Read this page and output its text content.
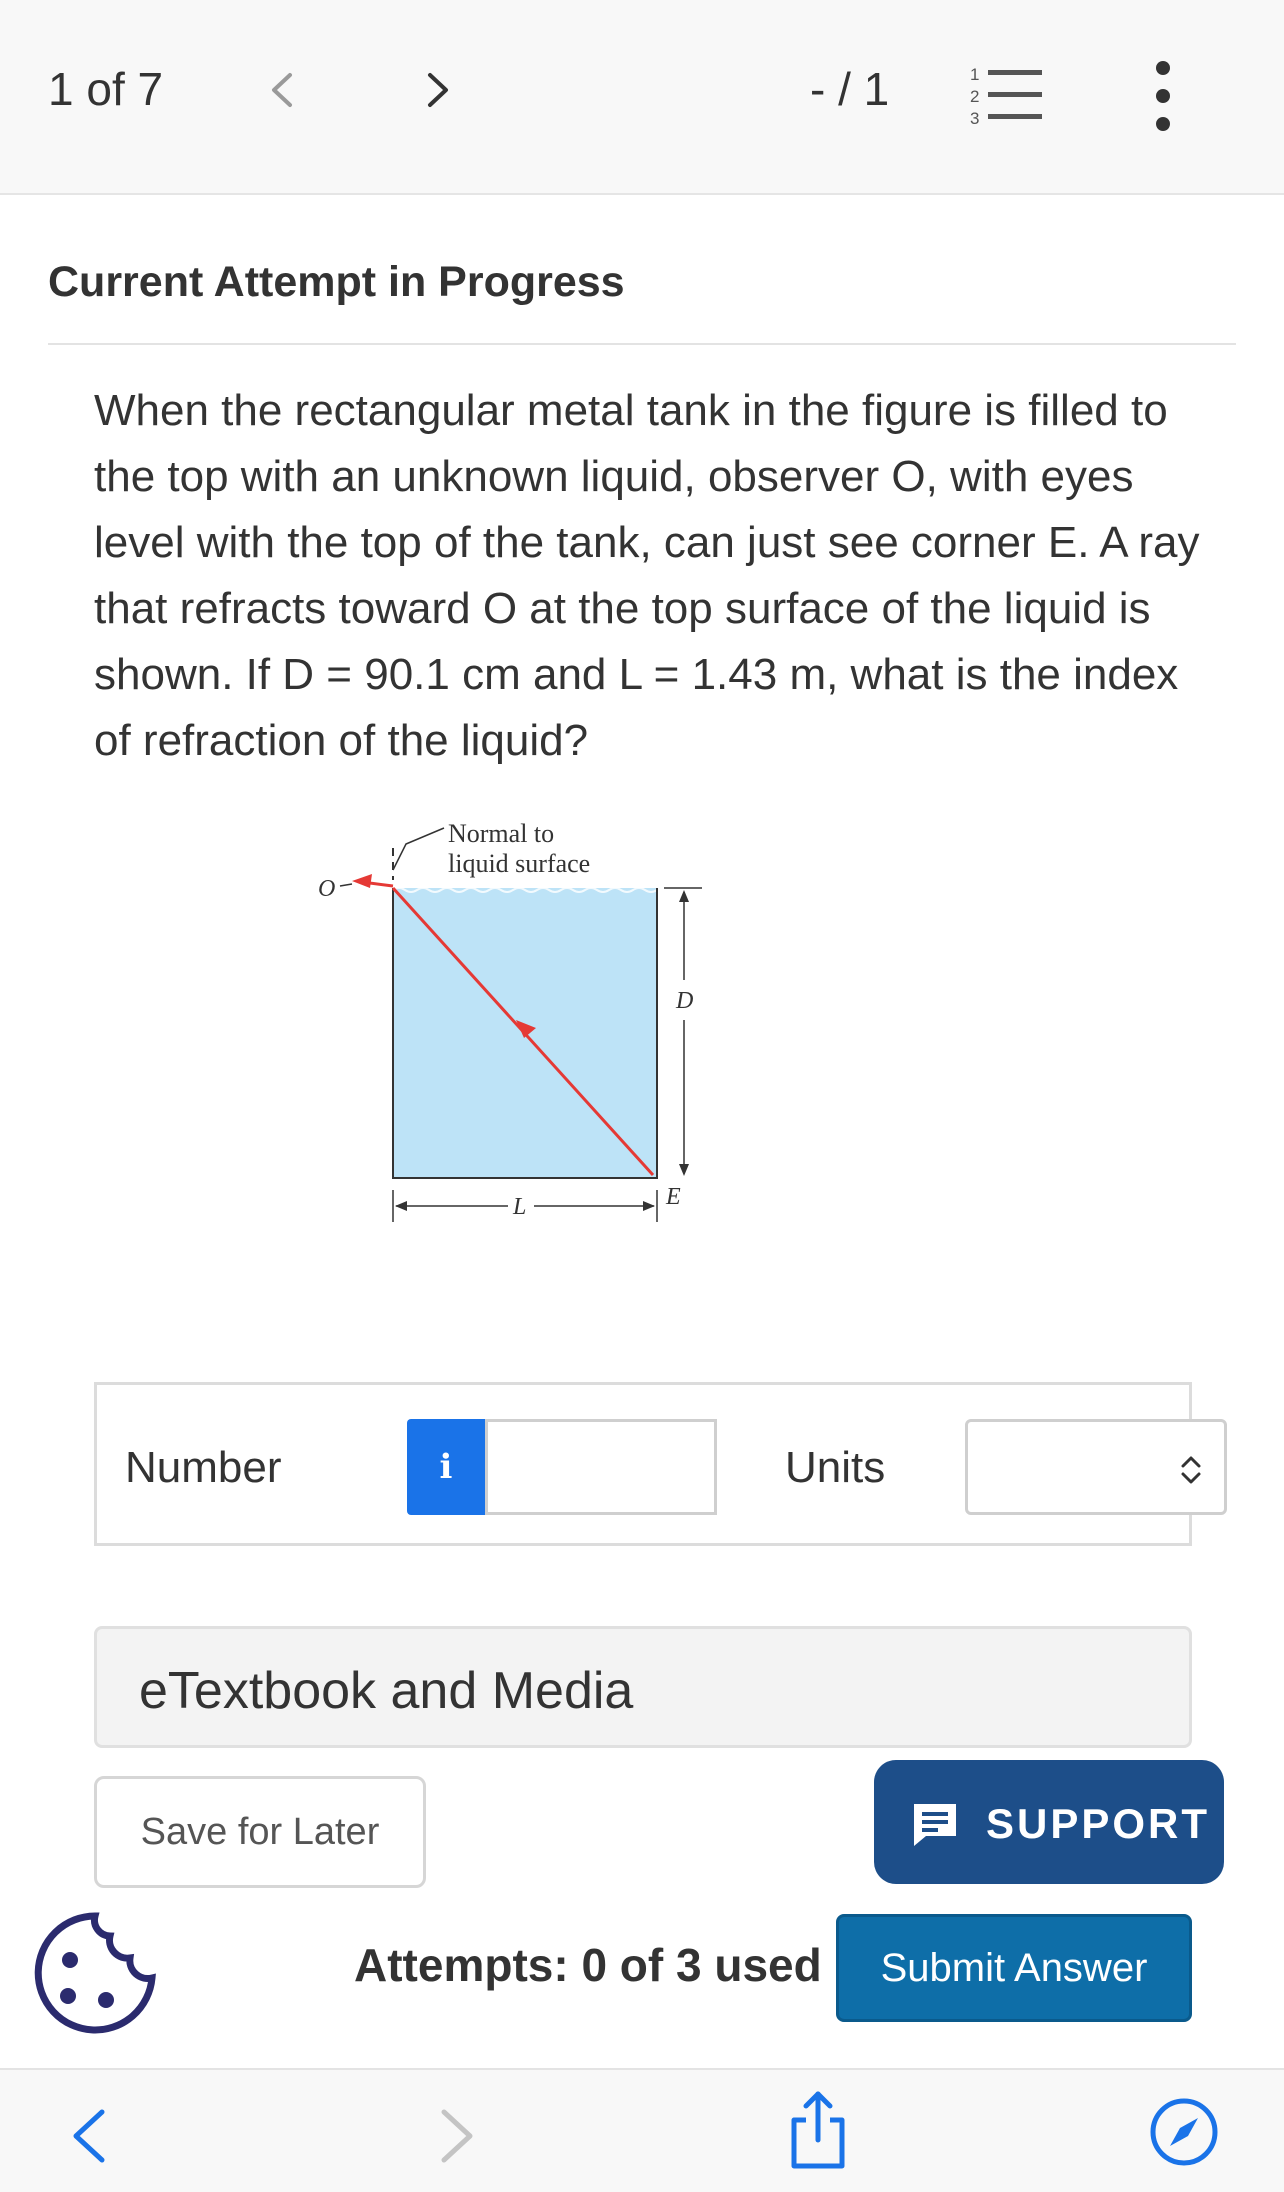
1 of 7	- / 1	1
2
3
Current Attempt in Progress
When the rectangular metal tank in the figure is filled to the top with an unknown liquid, observer O, with eyes level with the top of the tank, can just see corner E. A ray that refracts toward O at the top surface of the liquid is shown. If D = 90.1 cm and L = 1.43 m, what is the index of refraction of the liquid?
Normal to
liquid surface
O
D
E
L
Number	i	Units
eTextbook and Media
Save for Later	SUPPORT
Attempts: 0 of 3 used	Submit Answer
